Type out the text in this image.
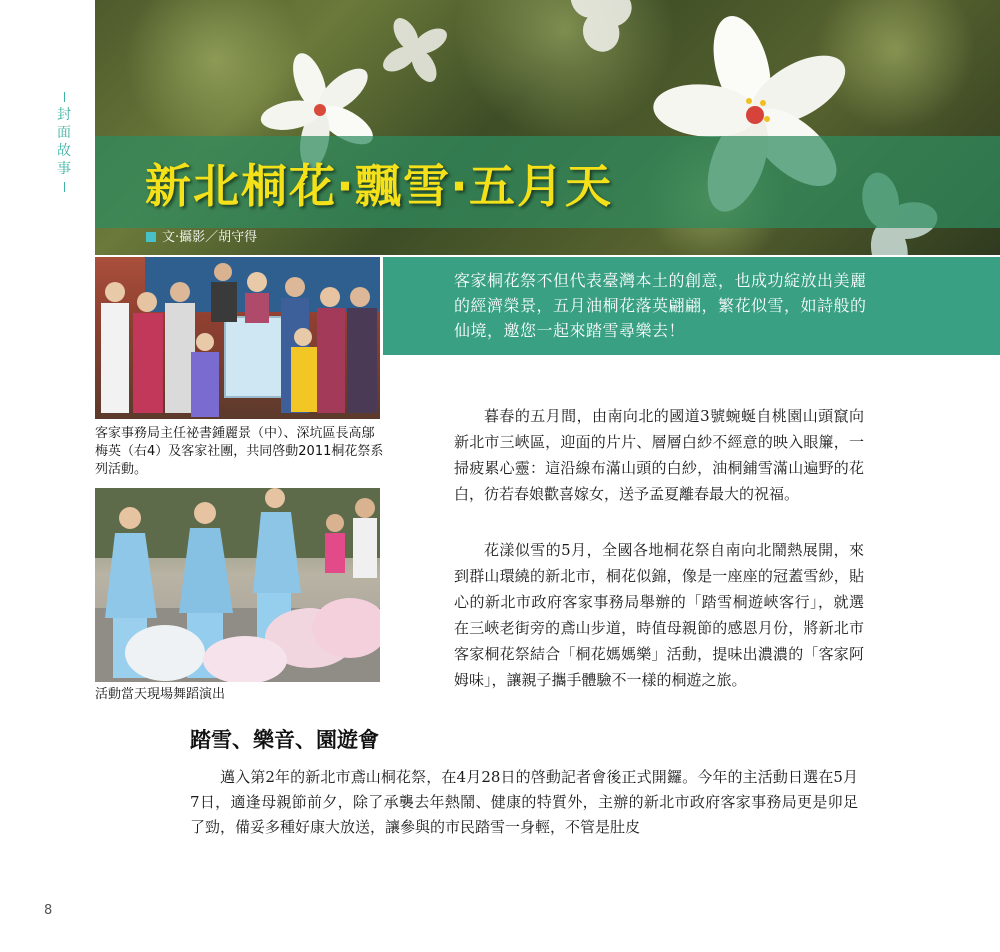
封
面
故
事 新北桐花‧飄雪‧五月天
文‧攝影／胡守得
客家事務局主任祕書鍾麗景（中）、深坑區長高鄔梅英（右4）及客家社團，共同啓動2011桐花祭系列活動。
活動當天現場舞蹈演出
客家桐花祭不但代表臺灣本土的創意，也成功綻放出美麗的經濟榮景，五月油桐花落英翩翩，繁花似雪，如詩般的仙境，邀您一起來踏雪尋樂去！

暮春的五月間，由南向北的國道3號蜿蜒自桃園山頭竄向新北市三峽區，迎面的片片、層層白紗不經意的映入眼簾，一掃疲累心靈：這沿線布滿山頭的白紗，油桐鋪雪滿山遍野的花白，彷若春娘歡喜嫁女，送予孟夏離春最大的祝福。

花漾似雪的5月，全國各地桐花祭自南向北鬧熱展開，來到群山環繞的新北市，桐花似錦，像是一座座的冠蓋雪紗，貼心的新北市政府客家事務局舉辦的「踏雪桐遊峽客行」，就選在三峽老街旁的鳶山步道，時值母親節的感恩月份，將新北市客家桐花祭結合「桐花媽媽樂」活動，提味出濃濃的「客家阿姆味」，讓親子攜手體驗不一樣的桐遊之旅。

踏雪、樂音、園遊會

邁入第2年的新北市鳶山桐花祭，在4月28日的啓動記者會後正式開鑼。今年的主活動日選在5月7日，適逢母親節前夕，除了承襲去年熱鬧、健康的特質外，主辦的新北市政府客家事務局更是卯足了勁，備妥多種好康大放送，讓參與的市民踏雪一身輕，不管是肚皮

8
